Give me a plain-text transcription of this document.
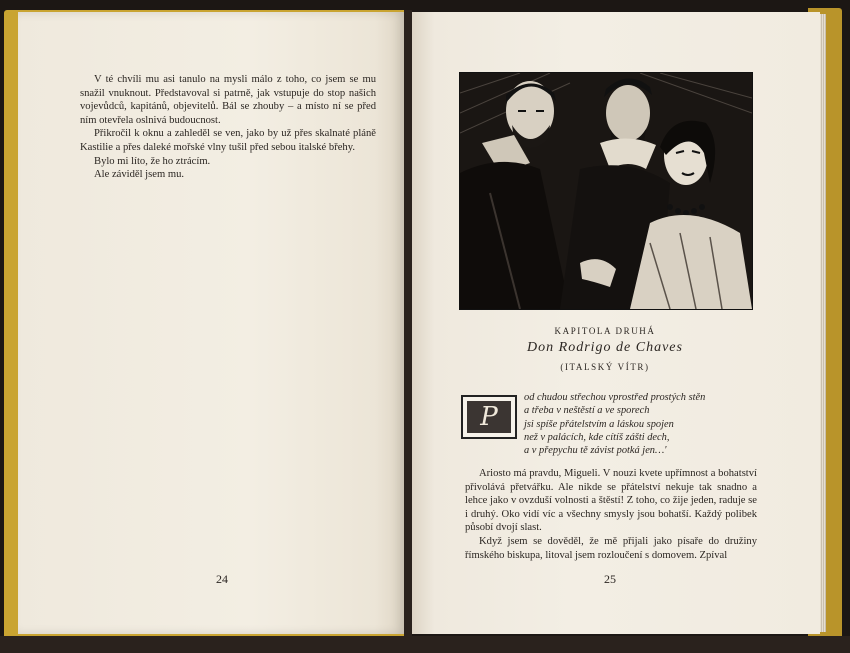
V té chvíli mu asi tanulo na mysli málo z toho, co jsem se mu snažil vnuknout. Představoval si patrně, jak vstupuje do stop našich vojevůdců, kapitánů, objevitelů. Bál se zhouby – a místo ní se před ním otevřela oslnivá budoucnost.

Přikročil k oknu a zahleděl se ven, jako by už přes skalnaté pláně Kastilie a přes daleké mořské vlny tušil před sebou italské břehy.

Bylo mi líto, že ho ztrácím.

Ale záviděl jsem mu.

24
KAPITOLA DRUHÁ
Don Rodrigo de Chaves
(ITALSKÝ VÍTR)
P
od chudou střechou vprostřed prostých stěn
a třeba v neštěstí a ve sporech
jsi spíše přátelstvím a láskou spojen
než v palácích, kde cítíš zášti dech,
a v přepychu tě závist potká jen…'

Ariosto má pravdu, Migueli. V nouzi kvete upřímnost a bohatství přivolává přetvářku. Ale nikde se přátelství nekuje tak snadno a lehce jako v ovzduší volnosti a štěstí! Z toho, co žije jeden, raduje se i druhý. Oko vidí víc a všechny smysly jsou bohatší. Každý polibek působí dvojí slast.

Když jsem se dověděl, že mě přijali jako písaře do družiny římského biskupa, litoval jsem rozloučení s domovem. Zpíval

25
